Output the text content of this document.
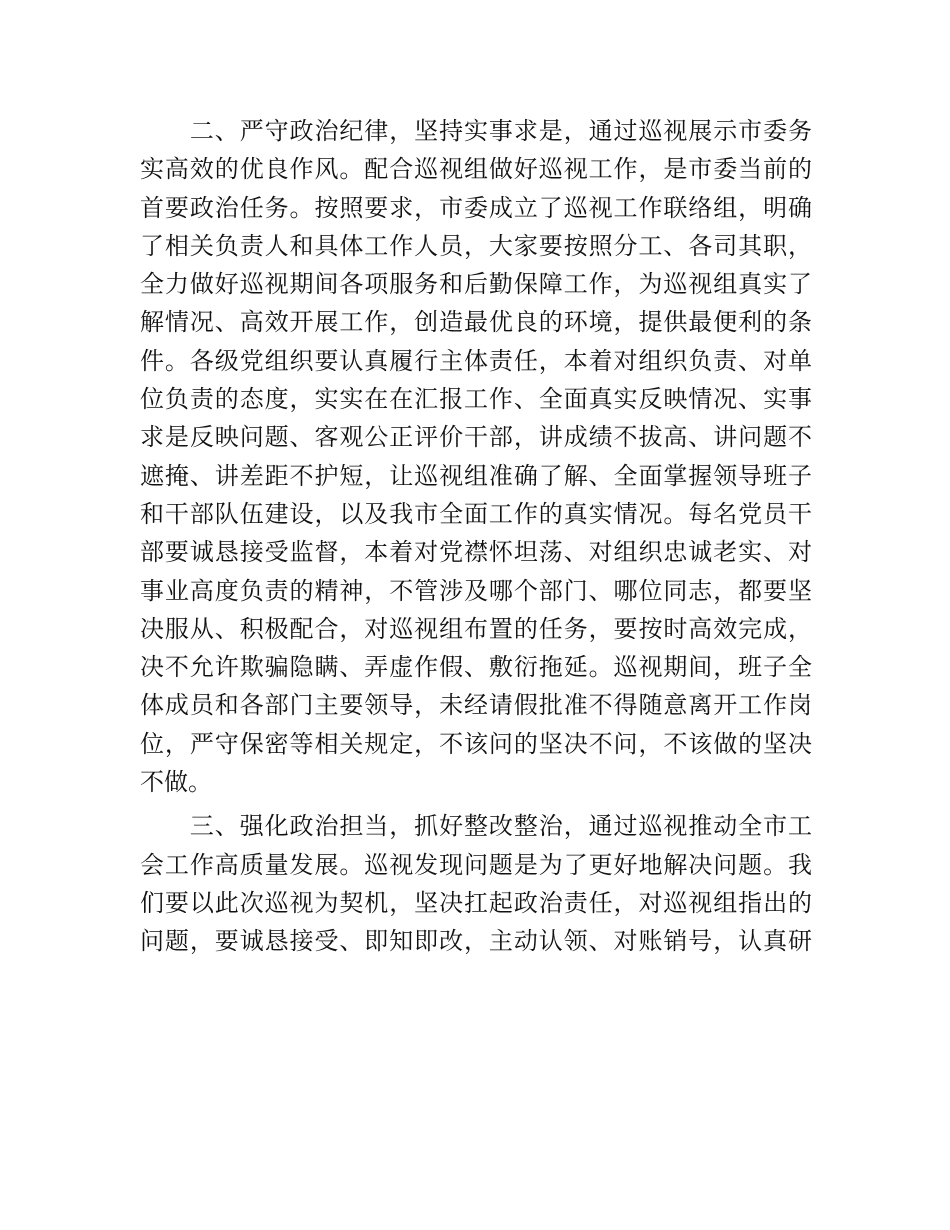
　　二、严守政治纪律，坚持实事求是，通过巡视展示市委务
实高效的优良作风。配合巡视组做好巡视工作，是市委当前的
首要政治任务。按照要求，市委成立了巡视工作联络组，明确
了相关负责人和具体工作人员，大家要按照分工、各司其职，
全力做好巡视期间各项服务和后勤保障工作，为巡视组真实了
解情况、高效开展工作，创造最优良的环境，提供最便利的条
件。各级党组织要认真履行主体责任，本着对组织负责、对单
位负责的态度，实实在在汇报工作、全面真实反映情况、实事
求是反映问题、客观公正评价干部，讲成绩不拔高、讲问题不
遮掩、讲差距不护短，让巡视组准确了解、全面掌握领导班子
和干部队伍建设，以及我市全面工作的真实情况。每名党员干
部要诚恳接受监督，本着对党襟怀坦荡、对组织忠诚老实、对
事业高度负责的精神，不管涉及哪个部门、哪位同志，都要坚
决服从、积极配合，对巡视组布置的任务，要按时高效完成，
决不允许欺骗隐瞒、弄虚作假、敷衍拖延。巡视期间，班子全
体成员和各部门主要领导，未经请假批准不得随意离开工作岗
位，严守保密等相关规定，不该问的坚决不问，不该做的坚决
不做。
　　三、强化政治担当，抓好整改整治，通过巡视推动全市工
会工作高质量发展。巡视发现问题是为了更好地解决问题。我
们要以此次巡视为契机，坚决扛起政治责任，对巡视组指出的
问题，要诚恳接受、即知即改，主动认领、对账销号，认真研
